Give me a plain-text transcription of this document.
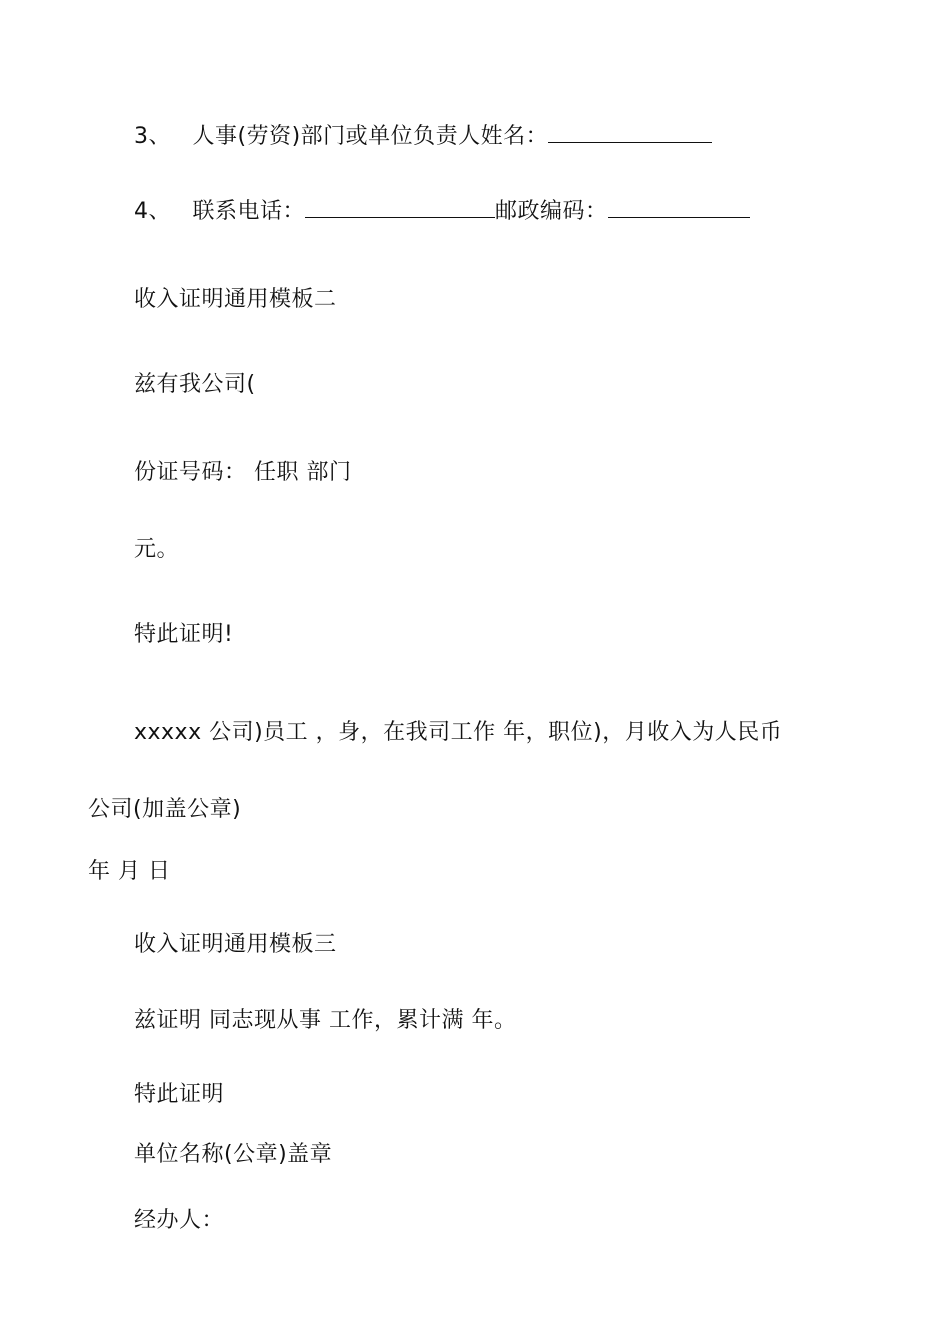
3、 人事(劳资)部门或单位负责人姓名：
4、 联系电话：	邮政编码：
收入证明通用模板二
兹有我公司(
份证号码： 任职 部门
元。
特此证明!
xxxxx 公司)员工 ，身，在我司工作 年，职位)，月收入为人民币
公司(加盖公章)
年 月 日
收入证明通用模板三
兹证明 同志现从事 工作，累计满 年。
特此证明
单位名称(公章)盖章
经办人：
